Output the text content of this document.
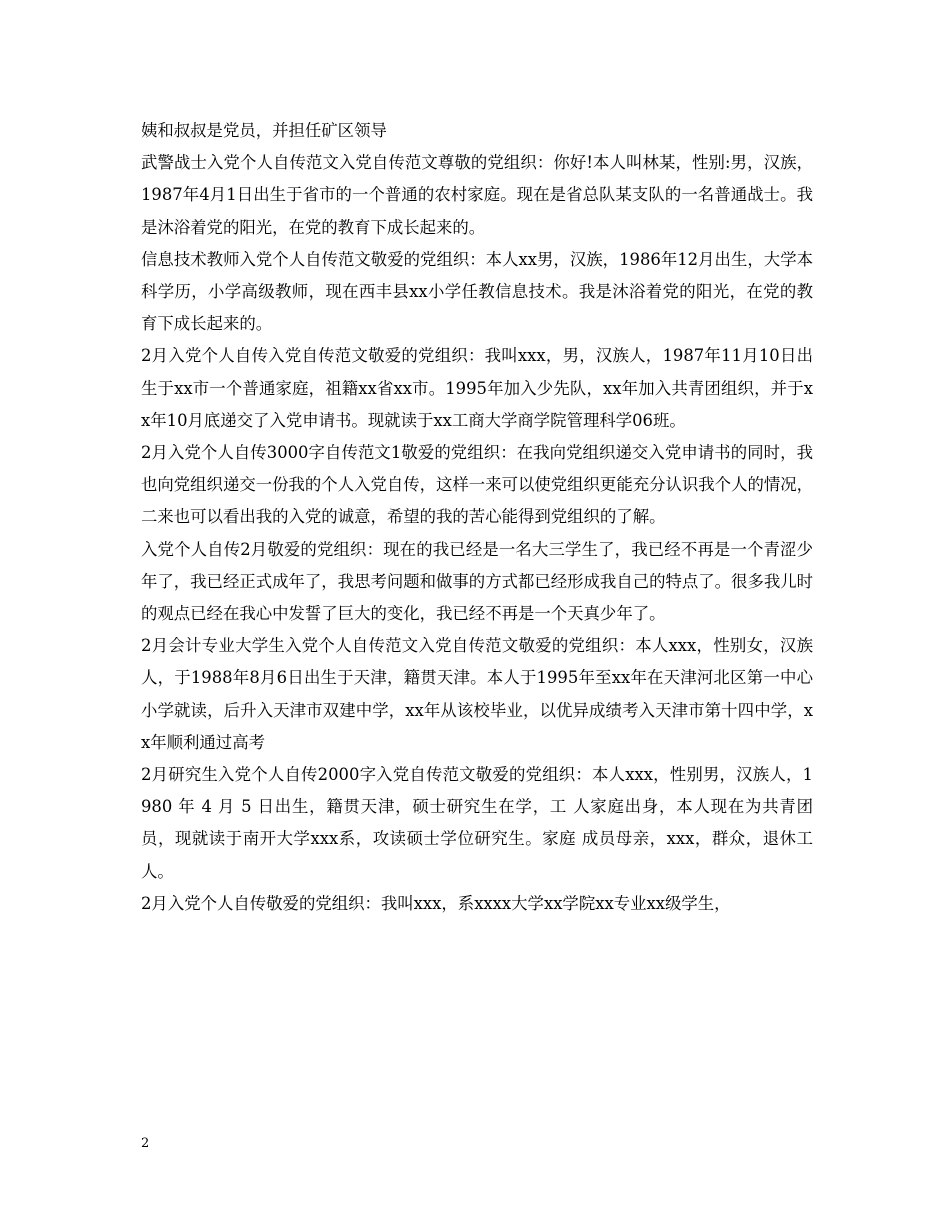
姨和叔叔是党员，并担任矿区领导

武警战士入党个人自传范文入党自传范文尊敬的党组织：你好!本人叫林某，性别:男，汉族， 1987年4月1日出生于省市的一个普通的农村家庭。现在是省总队某支队的一名普通战士。我是沐浴着党的阳光，在党的教育下成长起来的。

信息技术教师入党个人自传范文敬爱的党组织：本人xx男，汉族，1986年12月出生，大学本科学历，小学高级教师，现在西丰县xx小学任教信息技术。我是沐浴着党的阳光，在党的教育下成长起来的。

2月入党个人自传入党自传范文敬爱的党组织：我叫xxx，男，汉族人，1987年11月10日出生于xx市一个普通家庭，祖籍xx省xx市。1995年加入少先队，xx年加入共青团组织，并于xx年10月底递交了入党申请书。现就读于xx工商大学商学院管理科学06班。

2月入党个人自传3000字自传范文1敬爱的党组织：在我向党组织递交入党申请书的同时，我也向党组织递交一份我的个人入党自传，这样一来可以使党组织更能充分认识我个人的情况，二来也可以看出我的入党的诚意，希望的我的苦心能得到党组织的了解。

入党个人自传2月敬爱的党组织：现在的我已经是一名大三学生了，我已经不再是一个青涩少年了，我已经正式成年了，我思考问题和做事的方式都已经形成我自己的特点了。很多我儿时的观点已经在我心中发誓了巨大的变化，我已经不再是一个天真少年了。

2月会计专业大学生入党个人自传范文入党自传范文敬爱的党组织：本人xxx，性别女，汉族人，于1988年8月6日出生于天津，籍贯天津。本人于1995年至xx年在天津河北区第一中心小学就读，后升入天津市双建中学，xx年从该校毕业，以优异成绩考入天津市第十四中学，xx年顺利通过高考

2月研究生入党个人自传2000字入党自传范文敬爱的党组织：本人xxx，性别男，汉族人，1980 年 4 月 5 日出生，籍贯天津，硕士研究生在学，工 人家庭出身，本人现在为共青团员，现就读于南开大学xxx系，攻读硕士学位研究生。家庭 成员母亲，xxx，群众，退休工人。

2月入党个人自传敬爱的党组织：我叫xxx，系xxxx大学xx学院xx专业xx级学生，

2
